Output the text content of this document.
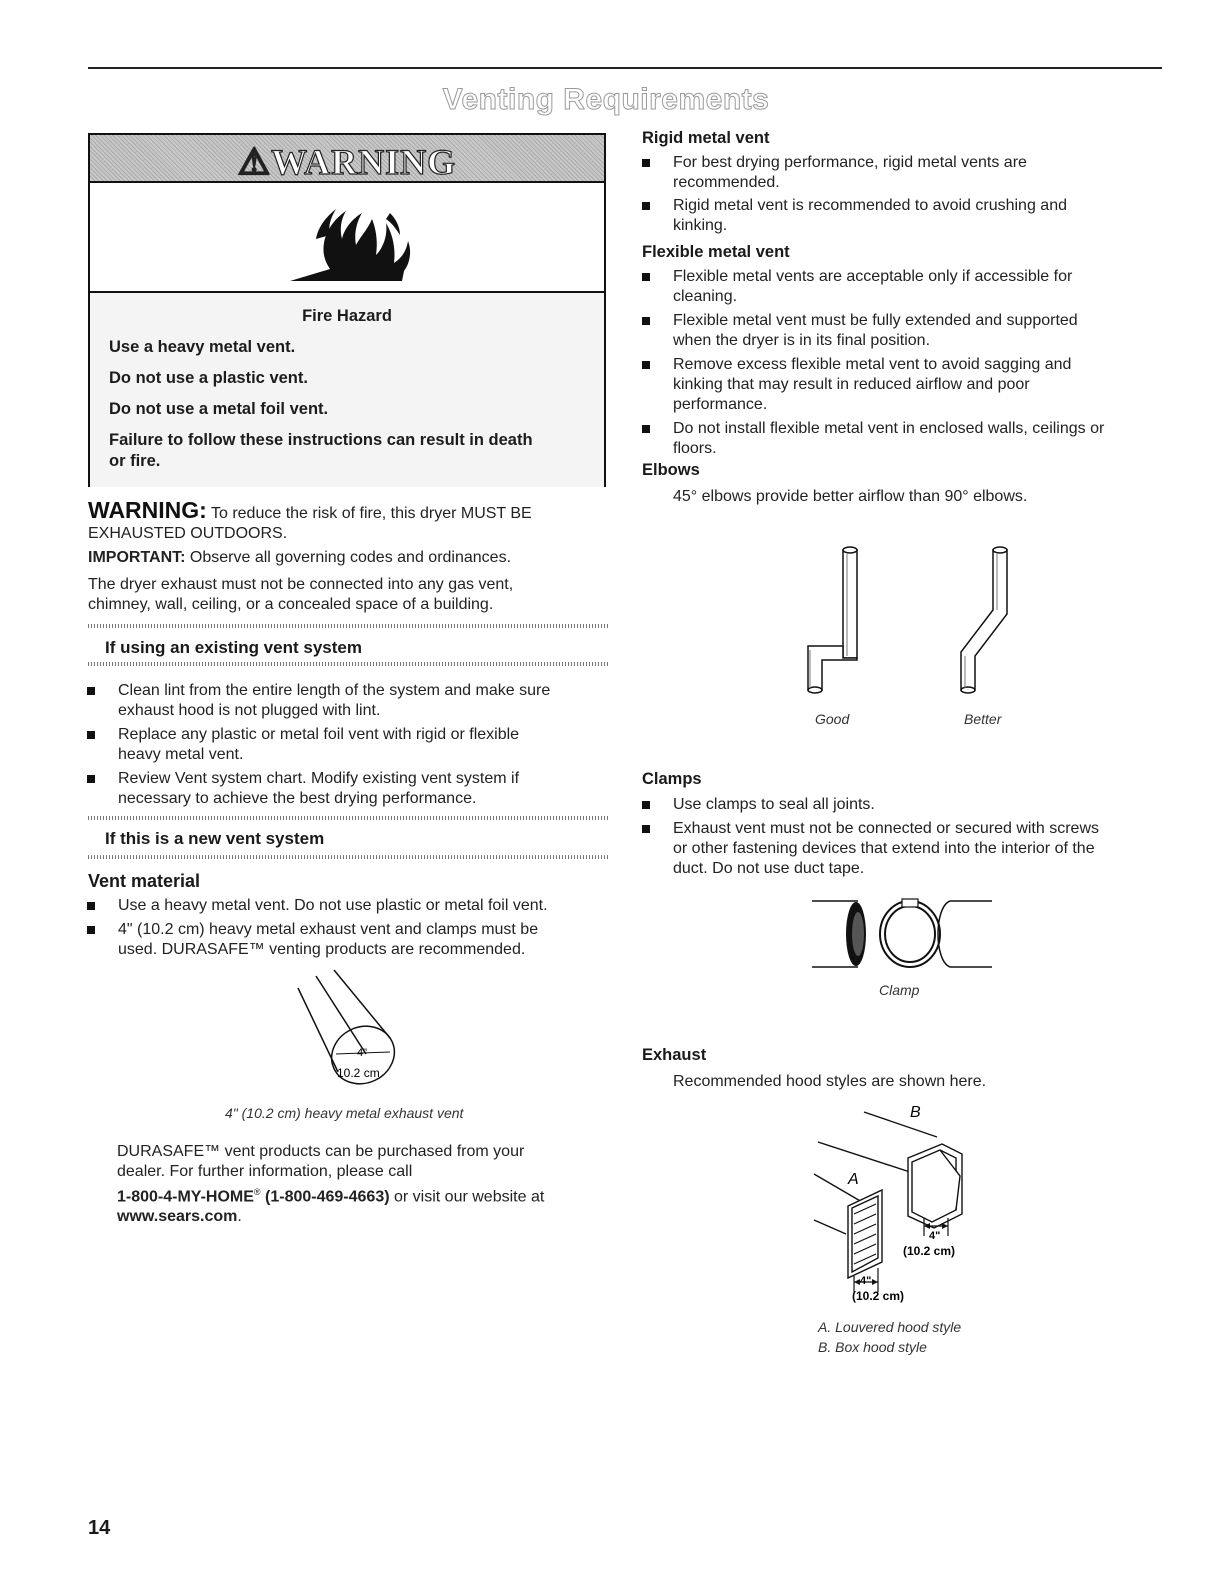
Venting Requirements
⚠WARNING
Fire Hazard
Use a heavy metal vent.
Do not use a plastic vent.
Do not use a metal foil vent.
Failure to follow these instructions can result in death
or fire.
WARNING: To reduce the risk of fire, this dryer MUST BE
EXHAUSTED OUTDOORS.
IMPORTANT: Observe all governing codes and ordinances.
The dryer exhaust must not be connected into any gas vent,
chimney, wall, ceiling, or a concealed space of a building.
If using an existing vent system
Clean lint from the entire length of the system and make sure
exhaust hood is not plugged with lint.
Replace any plastic or metal foil vent with rigid or flexible
heavy metal vent.
Review Vent system chart. Modify existing vent system if
necessary to achieve the best drying performance.
If this is a new vent system
Vent material
Use a heavy metal vent. Do not use plastic or metal foil vent.
4" (10.2 cm) heavy metal exhaust vent and clamps must be
used. DURASAFE™ venting products are recommended.
4"
10.2 cm
4" (10.2 cm) heavy metal exhaust vent
DURASAFE™ vent products can be purchased from your
dealer. For further information, please call
1-800-4-MY-HOME® (1-800-469-4663) or visit our website at
www.sears.com.
Rigid metal vent
For best drying performance, rigid metal vents are
recommended.
Rigid metal vent is recommended to avoid crushing and
kinking.
Flexible metal vent
Flexible metal vents are acceptable only if accessible for
cleaning.
Flexible metal vent must be fully extended and supported
when the dryer is in its final position.
Remove excess flexible metal vent to avoid sagging and
kinking that may result in reduced airflow and poor
performance.
Do not install flexible metal vent in enclosed walls, ceilings or
floors.
Elbows
45° elbows provide better airflow than 90° elbows.
Good	Better
Clamps
Use clamps to seal all joints.
Exhaust vent must not be connected or secured with screws
or other fastening devices that extend into the interior of the
duct. Do not use duct tape.
Clamp
Exhaust
Recommended hood styles are shown here.
B
A
4"
(10.2 cm)
4"
(10.2 cm)
A. Louvered hood style
B. Box hood style
14
